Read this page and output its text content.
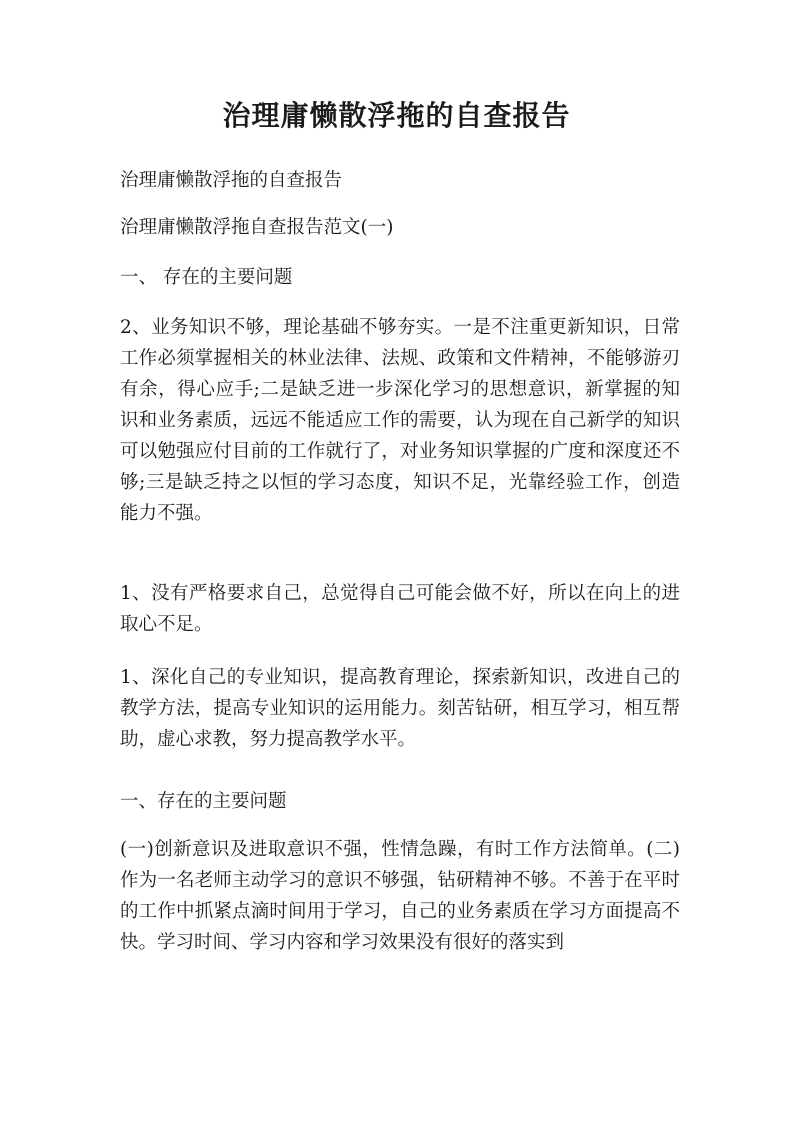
治理庸懒散浮拖的自查报告

治理庸懒散浮拖的自查报告

治理庸懒散浮拖自查报告范文(一)

一、 存在的主要问题

2、业务知识不够，理论基础不够夯实。一是不注重更新知识，日常工作必须掌握相关的林业法律、法规、政策和文件精神，不能够游刃有余，得心应手;二是缺乏进一步深化学习的思想意识，新掌握的知识和业务素质，远远不能适应工作的需要，认为现在自己新学的知识可以勉强应付目前的工作就行了，对业务知识掌握的广度和深度还不够;三是缺乏持之以恒的学习态度，知识不足，光靠经验工作，创造能力不强。

1、没有严格要求自己，总觉得自己可能会做不好，所以在向上的进取心不足。

1、深化自己的专业知识，提高教育理论，探索新知识，改进自己的教学方法，提高专业知识的运用能力。刻苦钻研，相互学习，相互帮助，虚心求教，努力提高教学水平。

一、存在的主要问题

(一)创新意识及进取意识不强，性情急躁，有时工作方法简单。(二)作为一名老师主动学习的意识不够强，钻研精神不够。不善于在平时的工作中抓紧点滴时间用于学习，自己的业务素质在学习方面提高不快。学习时间、学习内容和学习效果没有很好的落实到
